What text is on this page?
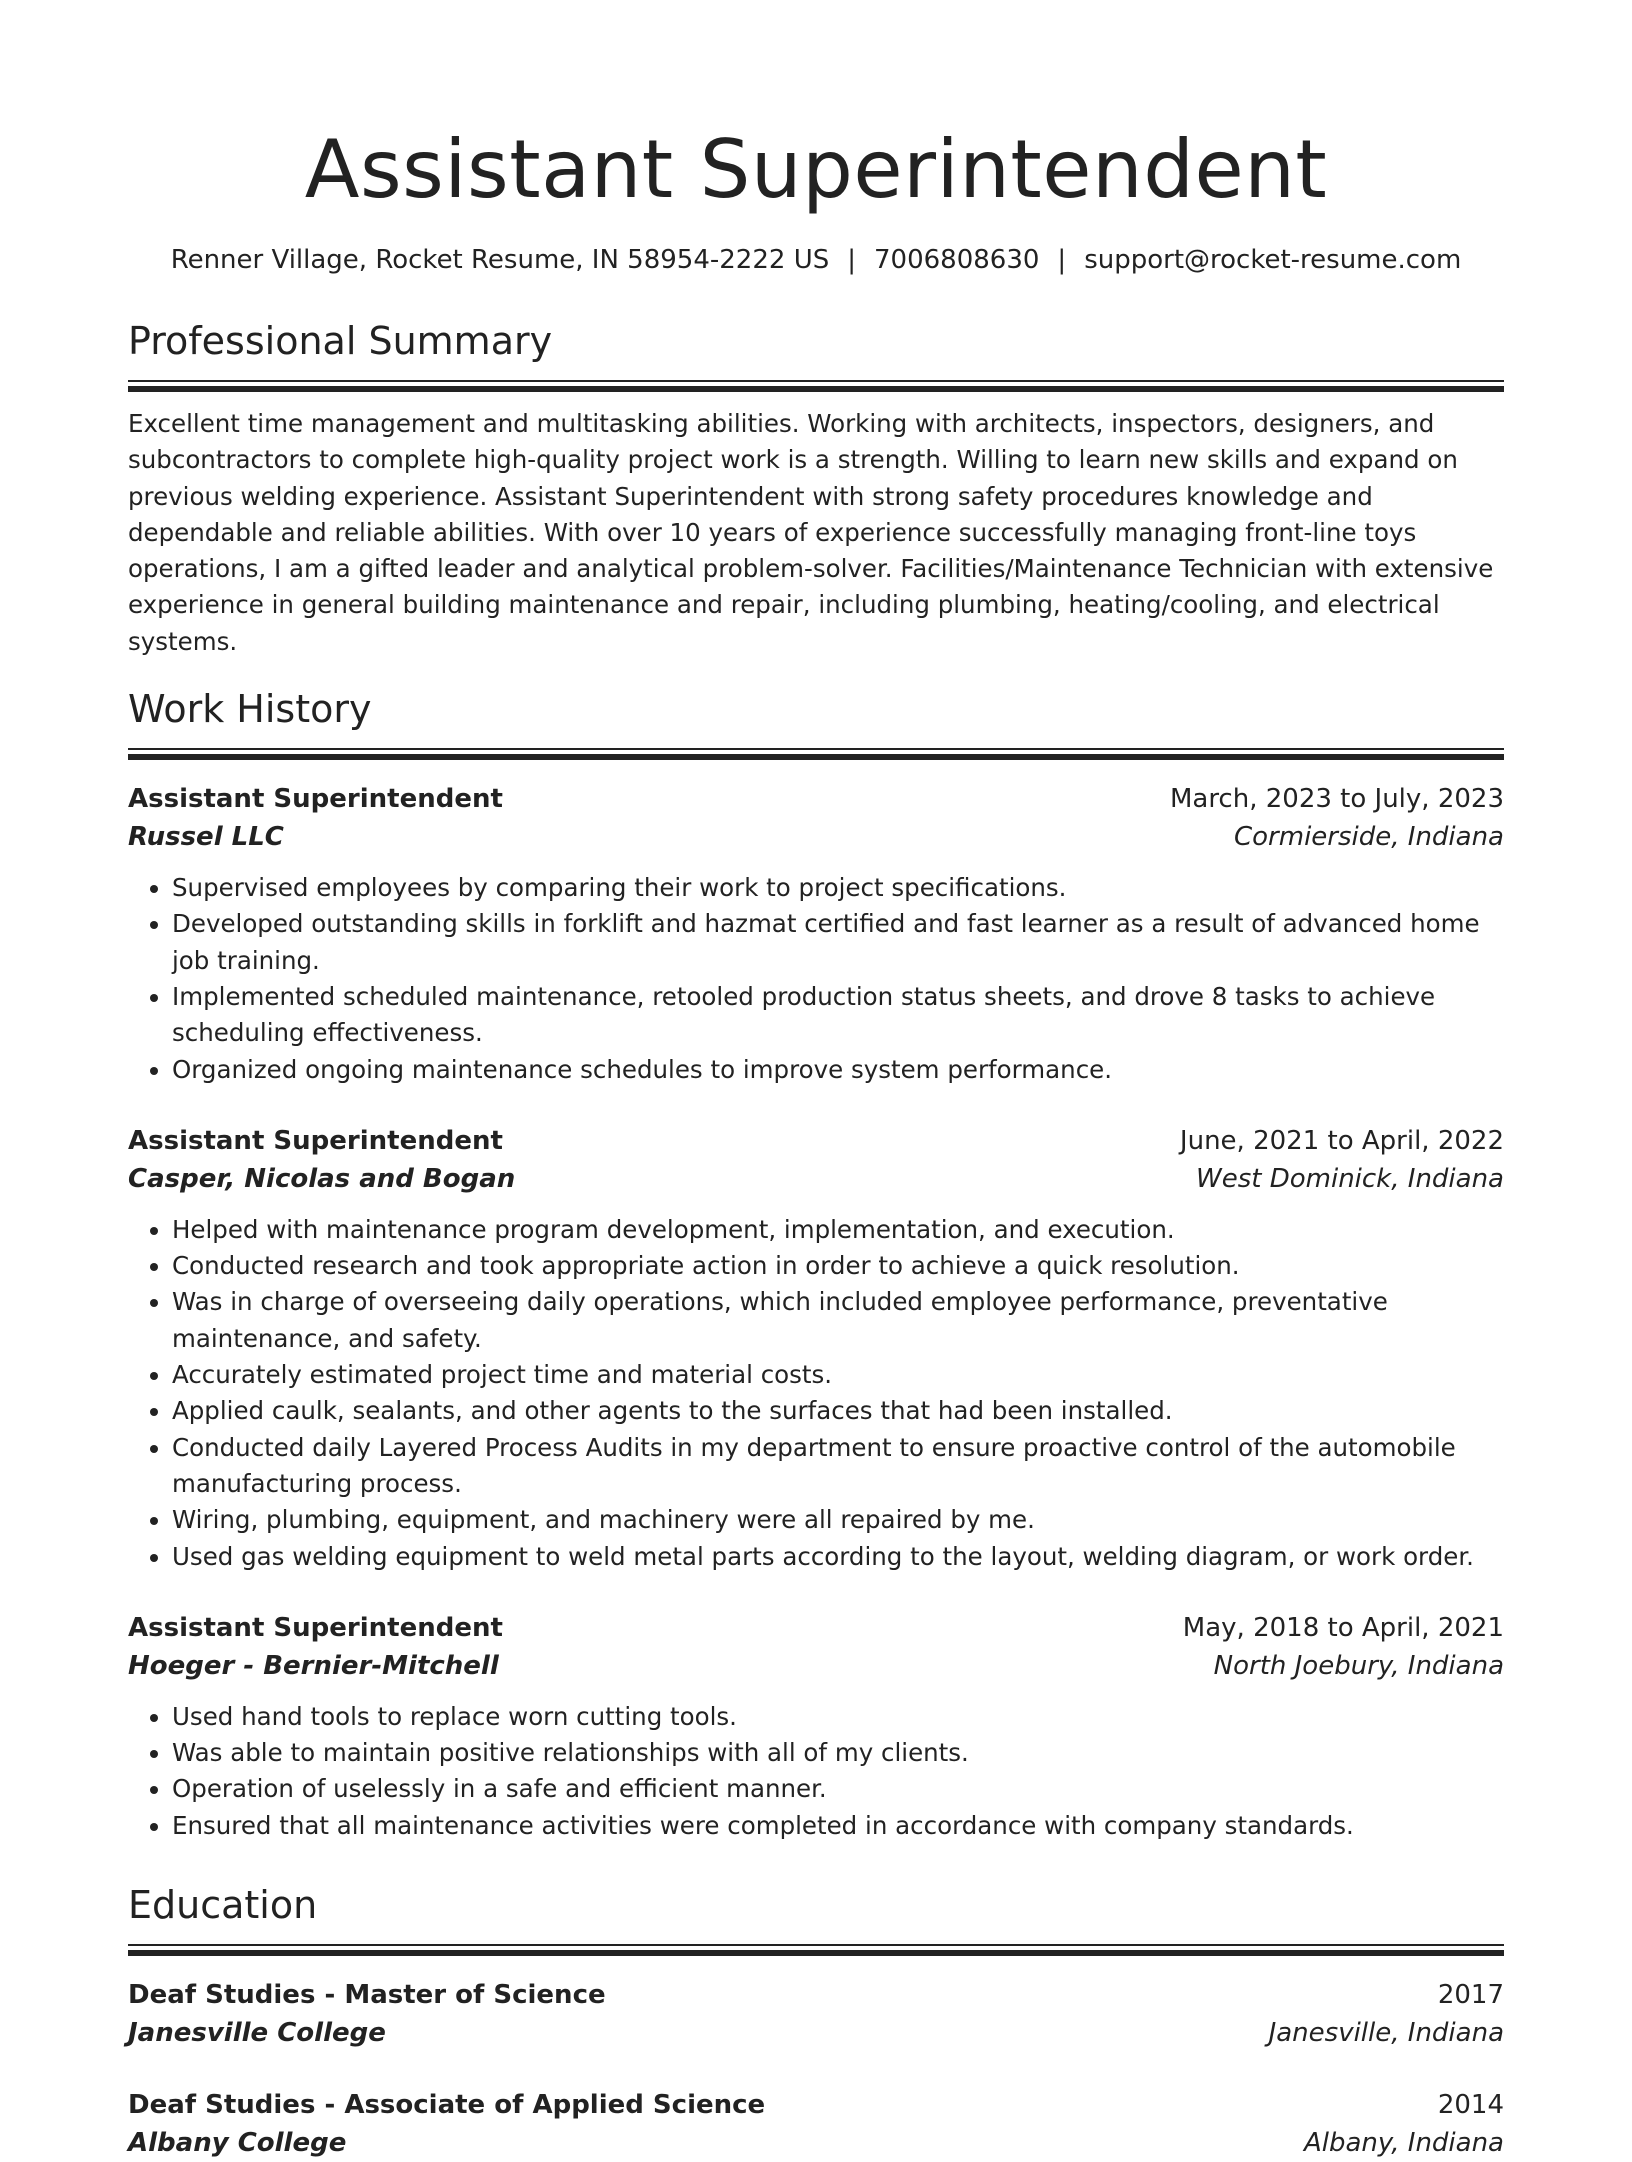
Assistant Superintendent
Renner Village, Rocket Resume, IN 58954-2222 US | 7006808630 | support@rocket-resume.com
Professional Summary

Excellent time management and multitasking abilities. Working with architects, inspectors, designers, and subcontractors to complete high-quality project work is a strength. Willing to learn new skills and expand on previous welding experience. Assistant Superintendent with strong safety procedures knowledge and dependable and reliable abilities. With over 10 years of experience successfully managing front-line toys operations, I am a gifted leader and analytical problem-solver. Facilities/Maintenance Technician with extensive experience in general building maintenance and repair, including plumbing, heating/cooling, and electrical systems.

Work History
Assistant Superintendent	March, 2023 to July, 2023
Russel LLC	Cormierside, Indiana
• Supervised employees by comparing their work to project specifications.
• Developed outstanding skills in forklift and hazmat certified and fast learner as a result of advanced home job training.
• Implemented scheduled maintenance, retooled production status sheets, and drove 8 tasks to achieve scheduling effectiveness.
• Organized ongoing maintenance schedules to improve system performance.
Assistant Superintendent	June, 2021 to April, 2022
Casper, Nicolas and Bogan	West Dominick, Indiana
• Helped with maintenance program development, implementation, and execution.
• Conducted research and took appropriate action in order to achieve a quick resolution.
• Was in charge of overseeing daily operations, which included employee performance, preventative maintenance, and safety.
• Accurately estimated project time and material costs.
• Applied caulk, sealants, and other agents to the surfaces that had been installed.
• Conducted daily Layered Process Audits in my department to ensure proactive control of the automobile manufacturing process.
• Wiring, plumbing, equipment, and machinery were all repaired by me.
• Used gas welding equipment to weld metal parts according to the layout, welding diagram, or work order.
Assistant Superintendent	May, 2018 to April, 2021
Hoeger - Bernier-Mitchell	North Joebury, Indiana
• Used hand tools to replace worn cutting tools.
• Was able to maintain positive relationships with all of my clients.
• Operation of uselessly in a safe and efficient manner.
• Ensured that all maintenance activities were completed in accordance with company standards.
Education
Deaf Studies - Master of Science	2017
Janesville College	Janesville, Indiana
Deaf Studies - Associate of Applied Science	2014
Albany College	Albany, Indiana
